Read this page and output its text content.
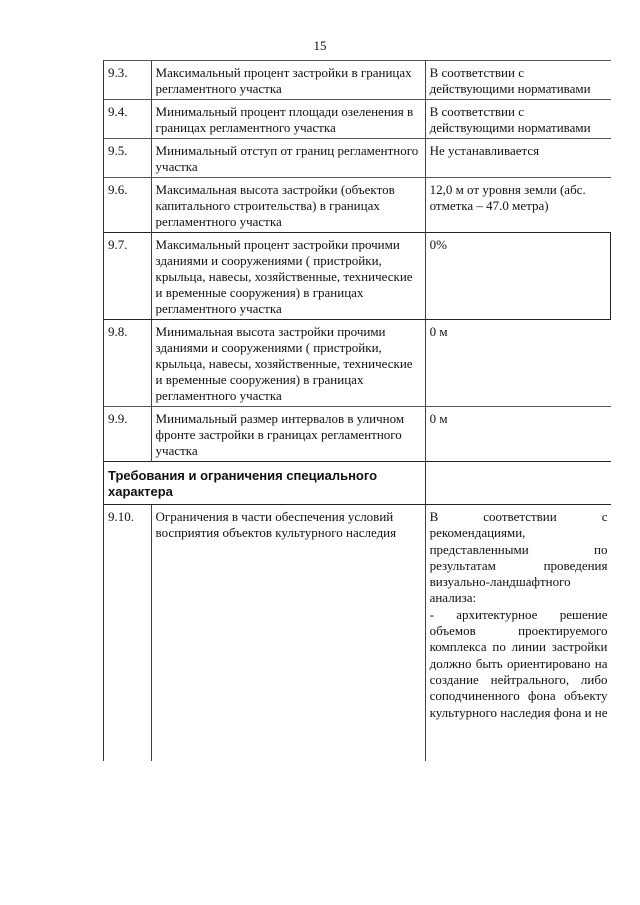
15
9.3.	Максимальный процент застройки в границах регламентного участка	В соответствии с действующими нормативами
9.4.	Минимальный процент площади озеленения в границах регламентного участка	В соответствии с действующими нормативами
9.5.	Минимальный отступ от границ регламентного участка	Не устанавливается
9.6.	Максимальная высота застройки (объектов капитального строительства) в границах регламентного участка	12,0 м от уровня земли (абс. отметка – 47.0 метра)
9.7.	Максимальный процент застройки прочими зданиями и сооружениями ( пристройки, крыльца, навесы, хозяйственные, технические и временные сооружения) в границах регламентного участка	0%
9.8.	Минимальная высота застройки прочими зданиями и сооружениями ( пристройки, крыльца, навесы, хозяйственные, технические и временные сооружения) в границах регламентного участка	0 м
9.9.	Минимальный размер интервалов в уличном фронте застройки в границах регламентного участка	0 м
Требования и ограничения специального характера		
9.10.	Ограничения в части обеспечения условий восприятия объектов культурного наследия	В соответствии с рекомендациями, представленными по результатам проведения визуально-ландшафтного анализа:
- архитектурное решение объемов проектируемого комплекса по линии застройки должно быть ориентировано на создание нейтрального, либо соподчиненного фона объекту культурного наследия фона и не
